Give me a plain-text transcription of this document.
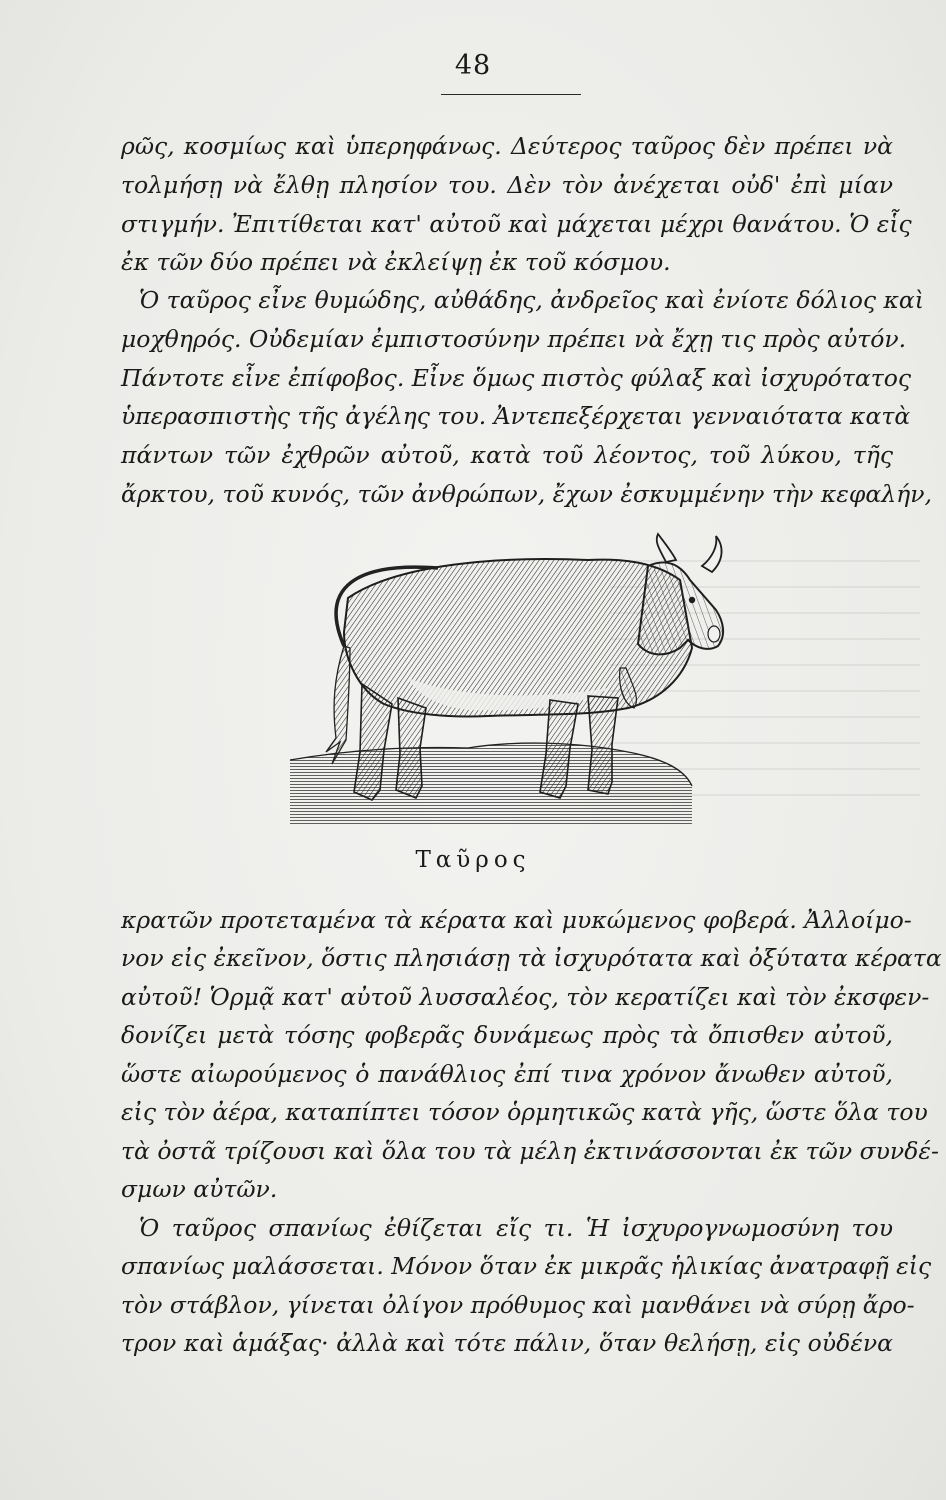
48
ρῶς, κοσμίως καὶ ὑπερηφάνως. Δεύτερος ταῦρος δὲν πρέπει νὰ
τολμήσῃ νὰ ἔλθῃ πλησίον του. Δὲν τὸν ἀνέχεται οὐδ' ἐπὶ μίαν
στιγμήν. Ἐπιτίθεται κατ' αὐτοῦ καὶ μάχεται μέχρι θανάτου. Ὁ εἷς
ἐκ τῶν δύο πρέπει νὰ ἐκλείψῃ ἐκ τοῦ κόσμου.
Ὁ ταῦρος εἶνε θυμώδης, αὐθάδης, ἀνδρεῖος καὶ ἐνίοτε δόλιος καὶ
μοχθηρός. Οὐδεμίαν ἐμπιστοσύνην πρέπει νὰ ἔχῃ τις πρὸς αὐτόν.
Πάντοτε εἶνε ἐπίφοβος. Εἶνε ὅμως πιστὸς φύλαξ καὶ ἰσχυρότατος
ὑπερασπιστὴς τῆς ἀγέλης του. Ἀντεπεξέρχεται γενναιότατα κατὰ
πάντων τῶν ἐχθρῶν αὐτοῦ, κατὰ τοῦ λέοντος, τοῦ λύκου, τῆς
ἄρκτου, τοῦ κυνός, τῶν ἀνθρώπων, ἔχων ἐσκυμμένην τὴν κεφαλήν,
Ταῦρος
κρατῶν προτεταμένα τὰ κέρατα καὶ μυκώμενος φοβερά. Ἀλλοίμο-
νον εἰς ἐκεῖνον, ὅστις πλησιάσῃ τὰ ἰσχυρότατα καὶ ὀξύτατα κέρατα
αὐτοῦ! Ὁρμᾷ κατ' αὐτοῦ λυσσαλέος, τὸν κερατίζει καὶ τὸν ἐκσφεν-
δονίζει μετὰ τόσης φοβερᾶς δυνάμεως πρὸς τὰ ὄπισθεν αὐτοῦ,
ὥστε αἰωρούμενος ὁ πανάθλιος ἐπί τινα χρόνον ἄνωθεν αὐτοῦ,
εἰς τὸν ἀέρα, καταπίπτει τόσον ὁρμητικῶς κατὰ γῆς, ὥστε ὅλα του
τὰ ὀστᾶ τρίζουσι καὶ ὅλα του τὰ μέλη ἐκτινάσσονται ἐκ τῶν συνδέ-
σμων αὐτῶν.
Ὁ ταῦρος σπανίως ἐθίζεται εἴς τι. Ἡ ἰσχυρογνωμοσύνη του
σπανίως μαλάσσεται. Μόνον ὅταν ἐκ μικρᾶς ἡλικίας ἀνατραφῇ εἰς
τὸν στάβλον, γίνεται ὀλίγον πρόθυμος καὶ μανθάνει νὰ σύρῃ ἄρο-
τρον καὶ ἁμάξας· ἀλλὰ καὶ τότε πάλιν, ὅταν θελήσῃ, εἰς οὐδένα
